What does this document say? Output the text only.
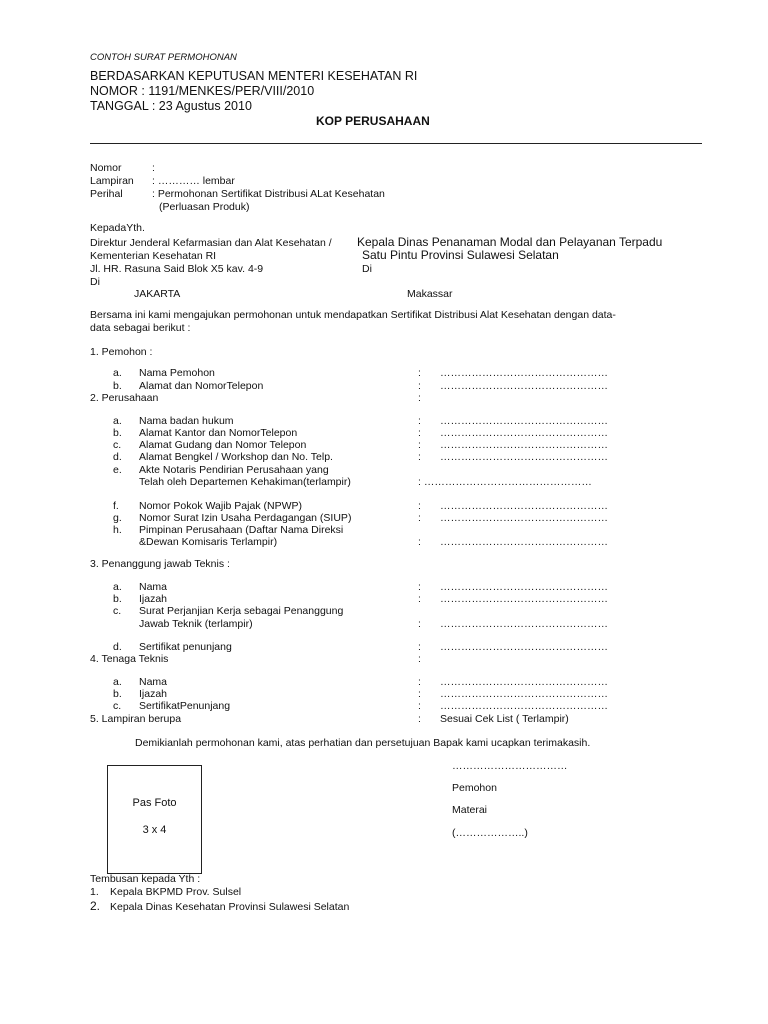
CONTOH SURAT PERMOHONAN
BERDASARKAN KEPUTUSAN MENTERI KESEHATAN RI
NOMOR : 1191/MENKES/PER/VIII/2010
TANGGAL : 23 Agustus 2010
KOP PERUSAHAAN
Nomor	:
Lampiran : ………… lembar
Perihal	: Permohonan Sertifikat Distribusi ALat Kesehatan
(Perluasan Produk)
KepadaYth.
Direktur Jenderal Kefarmasian dan Alat Kesehatan / Kepala Dinas Penanaman Modal dan Pelayanan Terpadu
Kementerian Kesehatan RI	Satu Pintu Provinsi Sulawesi Selatan
Jl. HR. Rasuna Said Blok X5 kav. 4-9	Di
Di
JAKARTA	Makassar
Bersama ini kami mengajukan permohonan untuk mendapatkan Sertifikat Distribusi Alat Kesehatan dengan data-
data sebagai berikut :
1. Pemohon :
a. Nama Pemohon	: …………………………………………
b. Alamat dan NomorTelepon	: …………………………………………
2. Perusahaan	:
a. Nama badan hukum	: …………………………………………
b. Alamat Kantor dan NomorTelepon	: …………………………………………
c. Alamat Gudang dan Nomor Telepon	: …………………………………………
d. Alamat Bengkel / Workshop dan No. Telp.	: …………………………………………
e. Akte Notaris Pendirian Perusahaan yang
Telah oleh Departemen Kehakiman(terlampir)	: …………………………………………
f. Nomor Pokok Wajib Pajak (NPWP)	: …………………………………………
g. Nomor Surat Izin Usaha Perdagangan (SIUP)	: …………………………………………
h. Pimpinan Perusahaan (Daftar Nama Direksi
&Dewan Komisaris Terlampir)	: …………………………………………
3. Penanggung jawab Teknis :
a. Nama	: …………………………………………
b. Ijazah	: …………………………………………
c. Surat Perjanjian Kerja sebagai Penanggung
Jawab Teknik (terlampir)	: …………………………………………
d. Sertifikat penunjang	: …………………………………………
4. Tenaga Teknis	:
a. Nama	: …………………………………………
b. Ijazah	: …………………………………………
c. SertifikatPenunjang	: …………………………………………
5. Lampiran berupa	: Sesuai Cek List ( Terlampir)
Demikianlah permohonan kami, atas perhatian dan persetujuan Bapak kami ucapkan terimakasih.
Pas Foto
3 x 4
……………………………
Pemohon
Materai
(………………..)
Tembusan kepada Yth :
1. Kepala BKPMD Prov. Sulsel
2. Kepala Dinas Kesehatan Provinsi Sulawesi Selatan
